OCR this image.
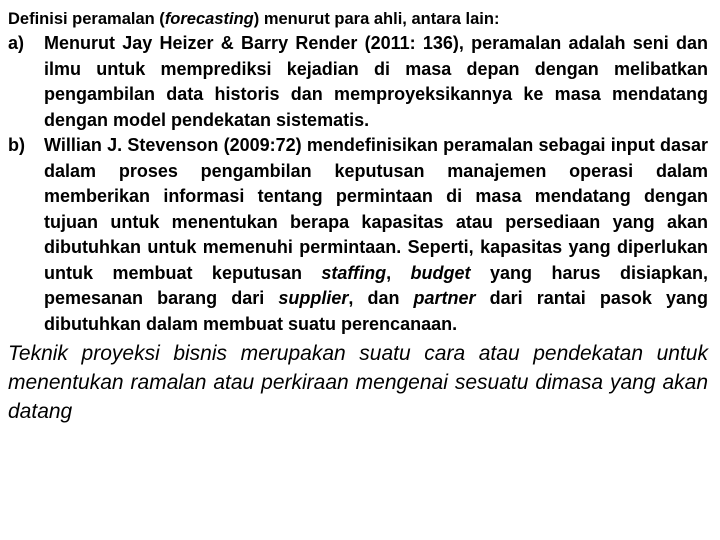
Definisi peramalan (forecasting) menurut para ahli, antara lain:

a)	Menurut Jay Heizer & Barry Render (2011: 136), peramalan adalah seni dan ilmu untuk memprediksi kejadian di masa depan dengan melibatkan pengambilan data historis dan memproyeksikannya ke masa mendatang dengan model pendekatan sistematis.
b)	Willian J. Stevenson (2009:72) mendefinisikan peramalan sebagai input dasar dalam proses pengambilan keputusan manajemen operasi dalam memberikan informasi tentang permintaan di masa mendatang dengan tujuan untuk menentukan berapa kapasitas atau persediaan yang akan dibutuhkan untuk memenuhi permintaan. Seperti, kapasitas yang diperlukan untuk membuat keputusan staffing, budget yang harus disiapkan, pemesanan barang dari supplier, dan partner dari rantai pasok yang dibutuhkan dalam membuat suatu perencanaan.

Teknik proyeksi bisnis merupakan suatu cara atau pendekatan untuk menentukan ramalan atau perkiraan mengenai sesuatu dimasa yang akan datang
